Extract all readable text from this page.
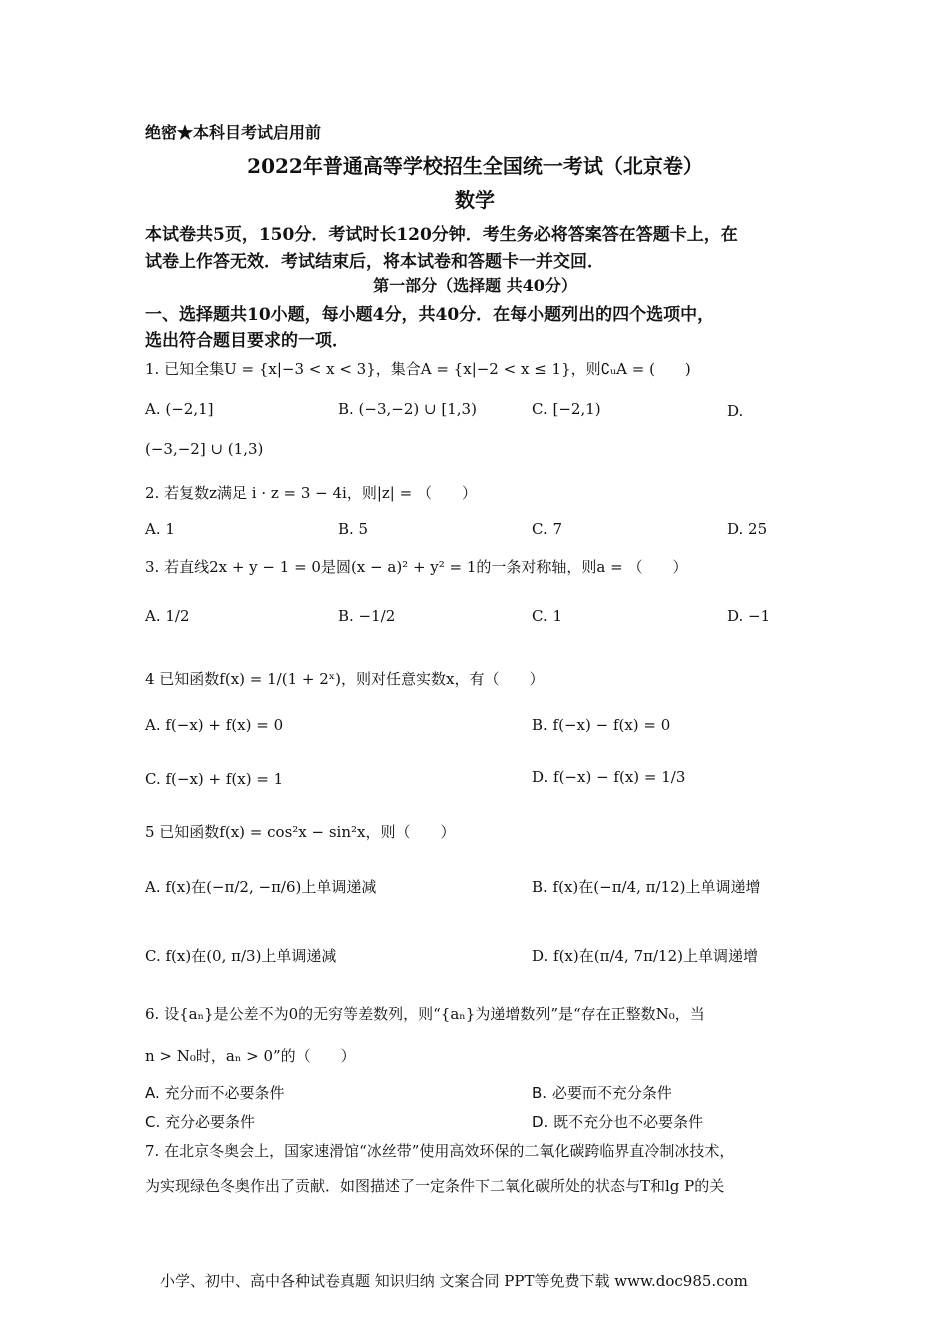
绝密★本科目考试启用前
2022年普通高等学校招生全国统一考试（北京卷）
数学
本试卷共5页，150分．考试时长120分钟．考生务必将答案答在答题卡上，在
试卷上作答无效．考试结束后，将本试卷和答题卡一并交回．
第一部分（选择题 共40分）
一、选择题共10小题，每小题4分，共40分．在每小题列出的四个选项中，
选出符合题目要求的一项．
1. 已知全集U = {x|−3 < x < 3}，集合A = {x|−2 < x ≤ 1}，则∁ᵤA = (　　)
A. (−2,1]	B. (−3,−2) ∪ [1,3)	C. [−2,1)	D.
(−3,−2] ∪ (1,3)
2. 若复数z满足 i · z = 3 − 4i，则|z| = （　　）
A. 1	B. 5	C. 7	D. 25
3. 若直线2x + y − 1 = 0是圆(x − a)² + y² = 1的一条对称轴，则a = （　　）
A. 1/2	B. −1/2	C. 1	D. −1
4 已知函数f(x) = 1/(1 + 2ˣ)，则对任意实数x，有（　　）
A. f(−x) + f(x) = 0	B. f(−x) − f(x) = 0
C. f(−x) + f(x) = 1	D. f(−x) − f(x) = 1/3
5 已知函数f(x) = cos²x − sin²x，则（　　）
A. f(x)在(−π/2, −π/6)上单调递减	B. f(x)在(−π/4, π/12)上单调递增
C. f(x)在(0, π/3)上单调递减	D. f(x)在(π/4, 7π/12)上单调递增
6. 设{aₙ}是公差不为0的无穷等差数列，则“{aₙ}为递增数列”是“存在正整数N₀，当
n > N₀时，aₙ > 0”的（　　）
A. 充分而不必要条件	B. 必要而不充分条件
C. 充分必要条件	D. 既不充分也不必要条件
7. 在北京冬奥会上，国家速滑馆“冰丝带”使用高效环保的二氧化碳跨临界直冷制冰技术，
为实现绿色冬奥作出了贡献．如图描述了一定条件下二氧化碳所处的状态与T和lg P的关
小学、初中、高中各种试卷真题 知识归纳 文案合同 PPT等免费下载 www.doc985.com
